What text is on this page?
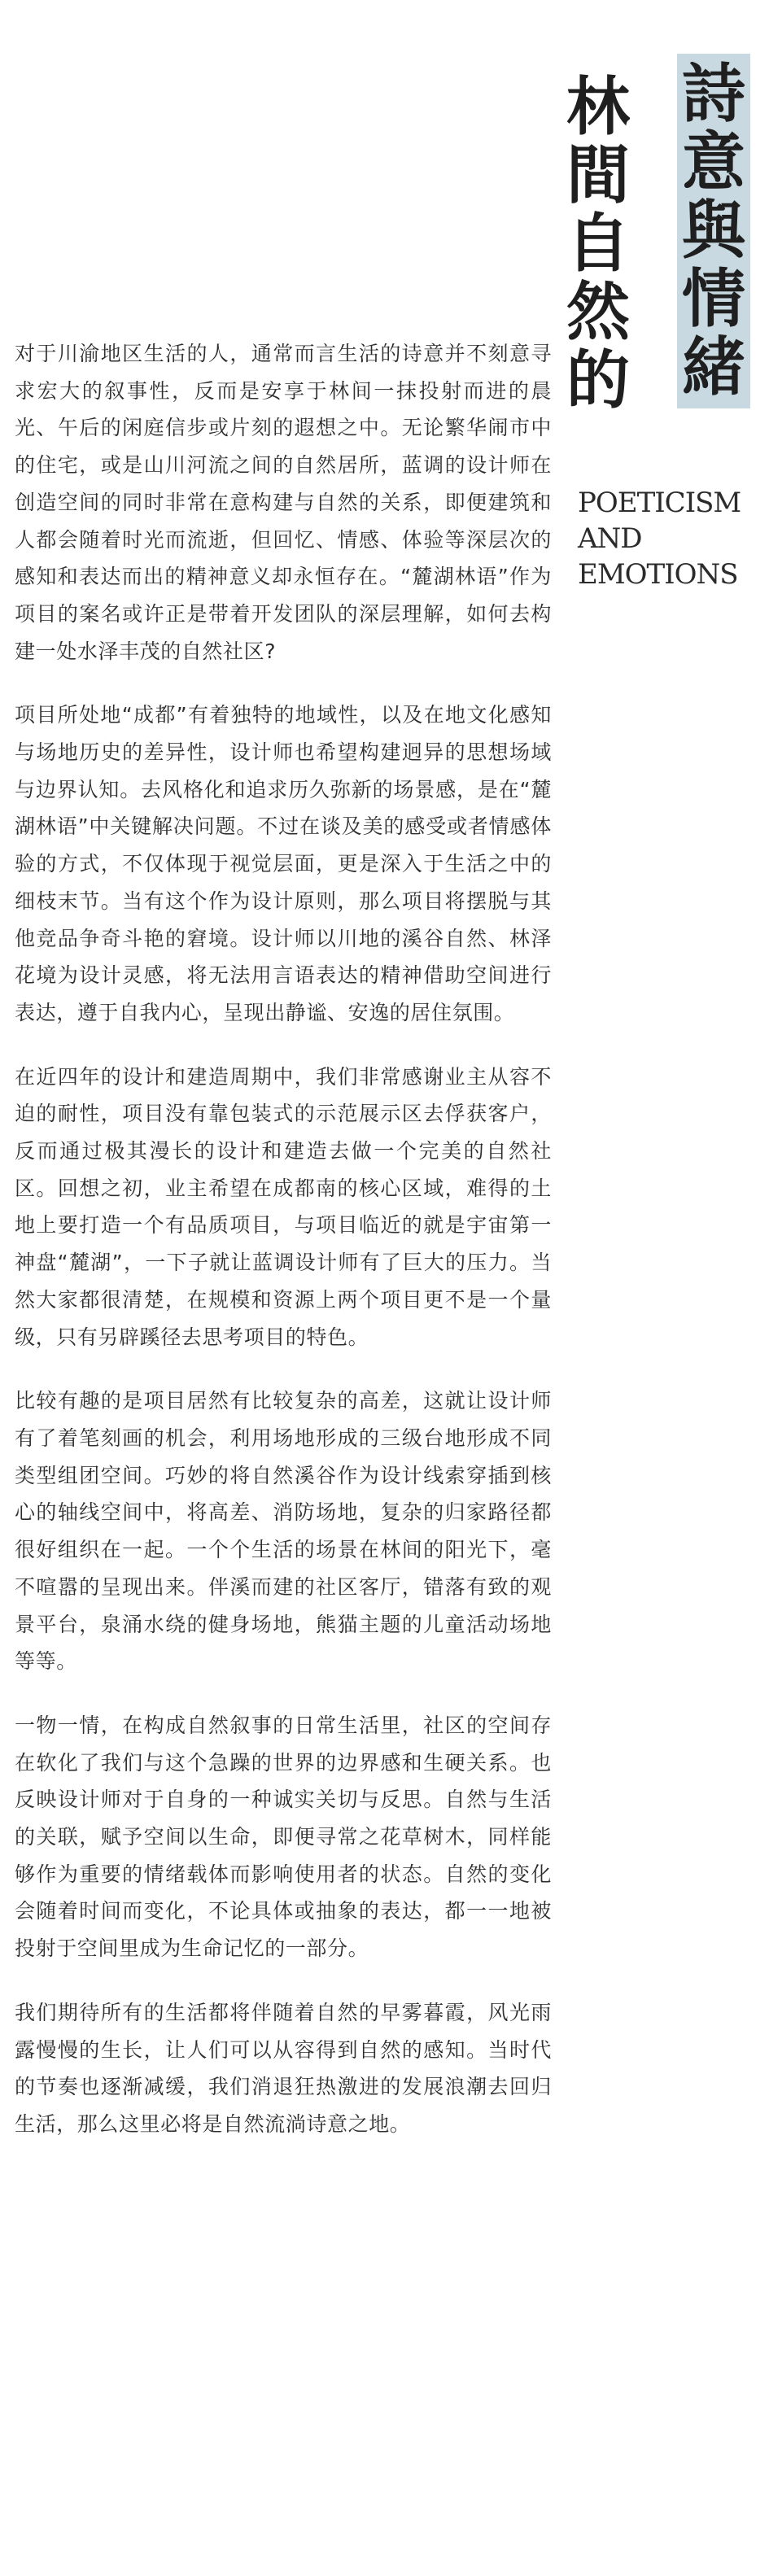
詩
意
與
情
緒
林
間
自
然
的
POETICISM
AND
EMOTIONS

对于川渝地区生活的人，通常而言生活的诗意并不刻意寻求宏大的叙事性，反而是安享于林间一抹投射而进的晨光、午后的闲庭信步或片刻的遐想之中。无论繁华闹市中的住宅，或是山川河流之间的自然居所，蓝调的设计师在创造空间的同时非常在意构建与自然的关系，即便建筑和人都会随着时光而流逝，但回忆、情感、体验等深层次的感知和表达而出的精神意义却永恒存在。“麓湖林语”作为项目的案名或许正是带着开发团队的深层理解，如何去构建一处水泽丰茂的自然社区?

项目所处地“成都”有着独特的地域性，以及在地文化感知与场地历史的差异性，设计师也希望构建迥异的思想场域与边界认知。去风格化和追求历久弥新的场景感，是在“麓湖林语”中关键解决问题。不过在谈及美的感受或者情感体验的方式，不仅体现于视觉层面，更是深入于生活之中的细枝末节。当有这个作为设计原则，那么项目将摆脱与其他竞品争奇斗艳的窘境。设计师以川地的溪谷自然、林泽花境为设计灵感，将无法用言语表达的精神借助空间进行表达，遵于自我内心，呈现出静谧、安逸的居住氛围。

在近四年的设计和建造周期中，我们非常感谢业主从容不迫的耐性，项目没有靠包装式的示范展示区去俘获客户，反而通过极其漫长的设计和建造去做一个完美的自然社区。回想之初，业主希望在成都南的核心区域，难得的土地上要打造一个有品质项目，与项目临近的就是宇宙第一神盘“麓湖”，一下子就让蓝调设计师有了巨大的压力。当然大家都很清楚，在规模和资源上两个项目更不是一个量级，只有另辟蹊径去思考项目的特色。

比较有趣的是项目居然有比较复杂的高差，这就让设计师有了着笔刻画的机会，利用场地形成的三级台地形成不同类型组团空间。巧妙的将自然溪谷作为设计线索穿插到核心的轴线空间中，将高差、消防场地，复杂的归家路径都很好组织在一起。一个个生活的场景在林间的阳光下，毫不喧嚣的呈现出来。伴溪而建的社区客厅，错落有致的观景平台，泉涌水绕的健身场地，熊猫主题的儿童活动场地等等。

一物一情，在构成自然叙事的日常生活里，社区的空间存在软化了我们与这个急躁的世界的边界感和生硬关系。也反映设计师对于自身的一种诚实关切与反思。自然与生活的关联，赋予空间以生命，即便寻常之花草树木，同样能够作为重要的情绪载体而影响使用者的状态。自然的变化会随着时间而变化，不论具体或抽象的表达，都一一地被投射于空间里成为生命记忆的一部分。

我们期待所有的生活都将伴随着自然的早雾暮霞，风光雨露慢慢的生长，让人们可以从容得到自然的感知。当时代的节奏也逐渐减缓，我们消退狂热激进的发展浪潮去回归生活，那么这里必将是自然流淌诗意之地。
